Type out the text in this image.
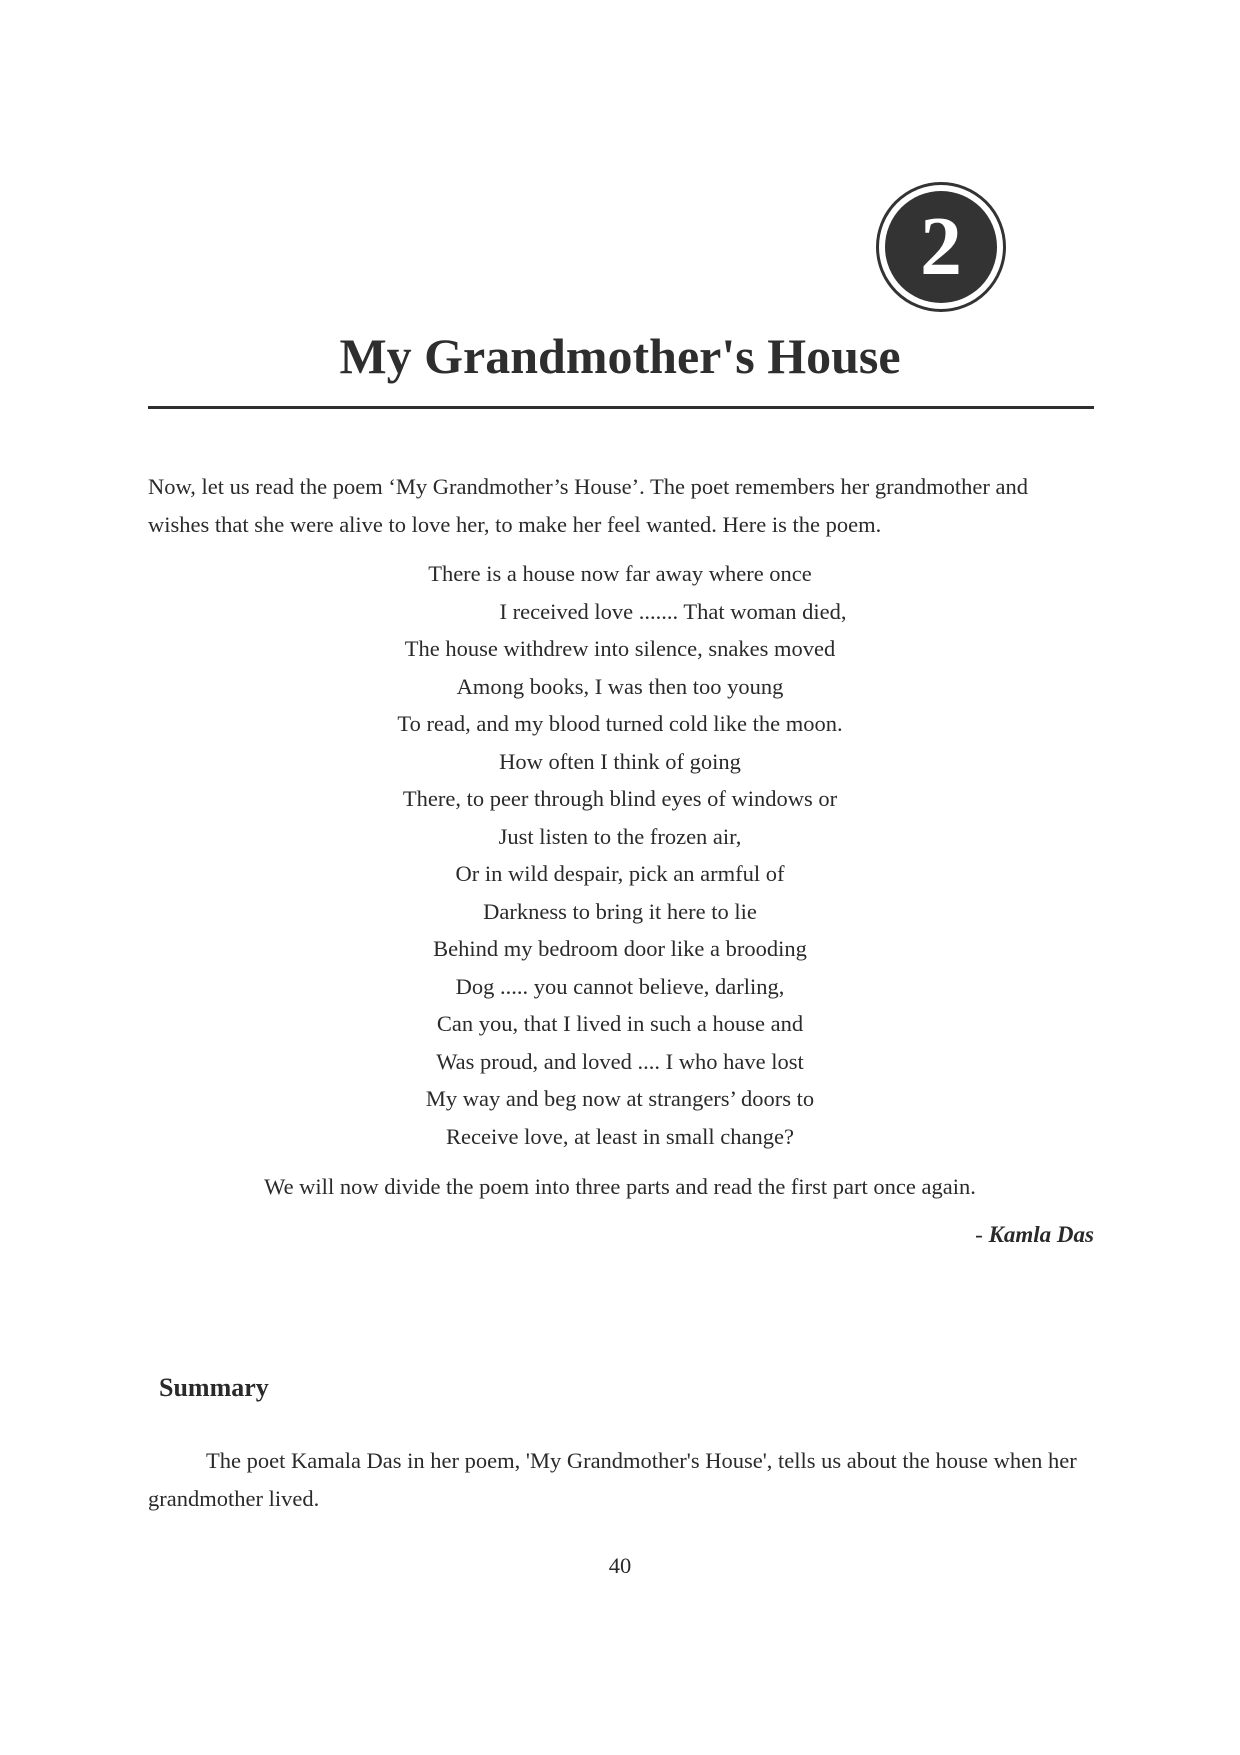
2
My Grandmother's House

Now, let us read the poem ‘My Grandmother’s House’. The poet remembers her grandmother and wishes that she were alive to love her, to make her feel wanted. Here is the poem.

There is a house now far away where once
I received love ....... That woman died,
The house withdrew into silence, snakes moved
Among books, I was then too young
To read, and my blood turned cold like the moon.
How often I think of going
There, to peer through blind eyes of windows or
Just listen to the frozen air,
Or in wild despair, pick an armful of
Darkness to bring it here to lie
Behind my bedroom door like a brooding
Dog ..... you cannot believe, darling,
Can you, that I lived in such a house and
Was proud, and loved .... I who have lost
My way and beg now at strangers’ doors to
Receive love, at least in small change?

We will now divide the poem into three parts and read the first part once again.

- Kamla Das

Summary

The poet Kamala Das in her poem, 'My Grandmother's House', tells us about the house when her grandmother lived.

40
